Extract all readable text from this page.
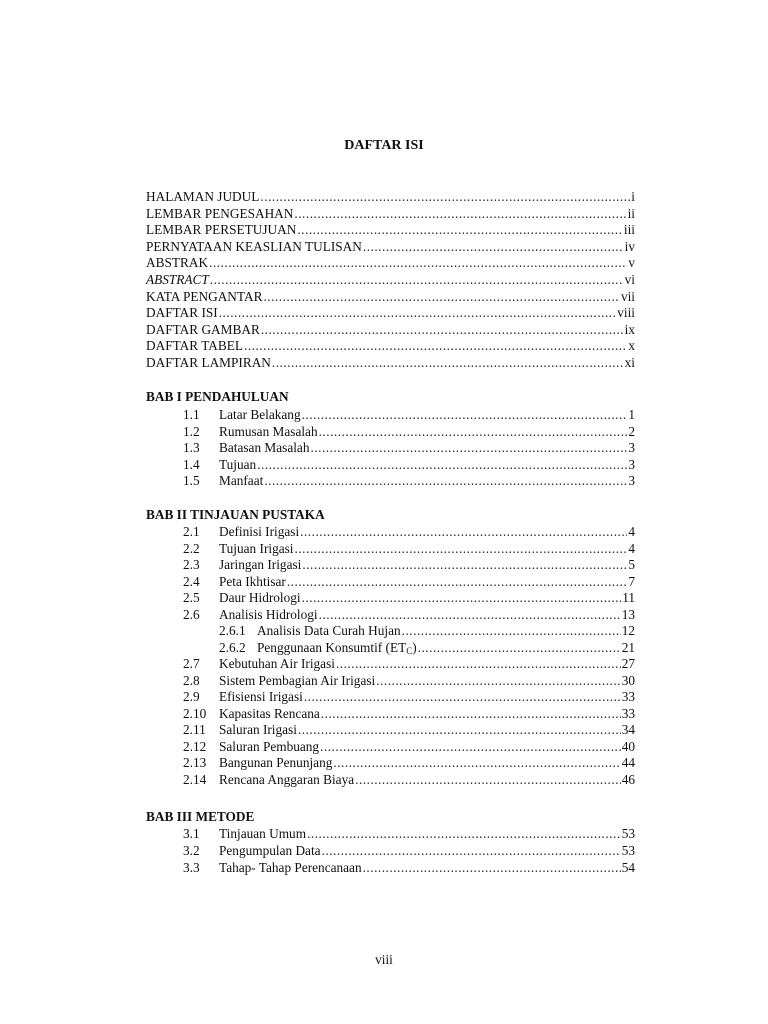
DAFTAR ISI
HALAMAN JUDUL .....	i
LEMBAR PENGESAHAN .....	ii
LEMBAR PERSETUJUAN .....	iii
PERNYATAAN KEASLIAN TULISAN .....	iv
ABSTRAK .....	v
ABSTRACT .....	vi
KATA PENGANTAR .....	vii
DAFTAR ISI .....	viii
DAFTAR GAMBAR .....	ix
DAFTAR TABEL .....	x
DAFTAR LAMPIRAN .....	xi
BAB I PENDAHULUAN
1.1	Latar Belakang .....	1
1.2	Rumusan Masalah .....	2
1.3	Batasan Masalah .....	3
1.4	Tujuan .....	3
1.5	Manfaat .....	3
BAB II TINJAUAN PUSTAKA
2.1	Definisi Irigasi .....	4
2.2	Tujuan Irigasi .....	4
2.3	Jaringan Irigasi .....	5
2.4	Peta Ikhtisar .....	7
2.5	Daur Hidrologi .....	11
2.6	Analisis Hidrologi .....	13
2.6.1 Analisis Data Curah Hujan .....	12
2.6.2 Penggunaan Konsumtif $(ET_C)$ .....	21
2.7	Kebutuhan Air Irigasi .....	27
2.8	Sistem Pembagian Air Irigasi .....	30
2.9	Efisiensi Irigasi .....	33
2.10 Kapasitas Rencana .....	33
2.11 Saluran Irigasi .....	34
2.12 Saluran Pembuang .....	40
2.13 Bangunan Penunjang .....	44
2.14 Rencana Anggaran Biaya .....	46
BAB III METODE
3.1	Tinjauan Umum .....	53
3.2	Pengumpulan Data .....	53
3.3	Tahap- Tahap Perencanaan .....	54
viii
